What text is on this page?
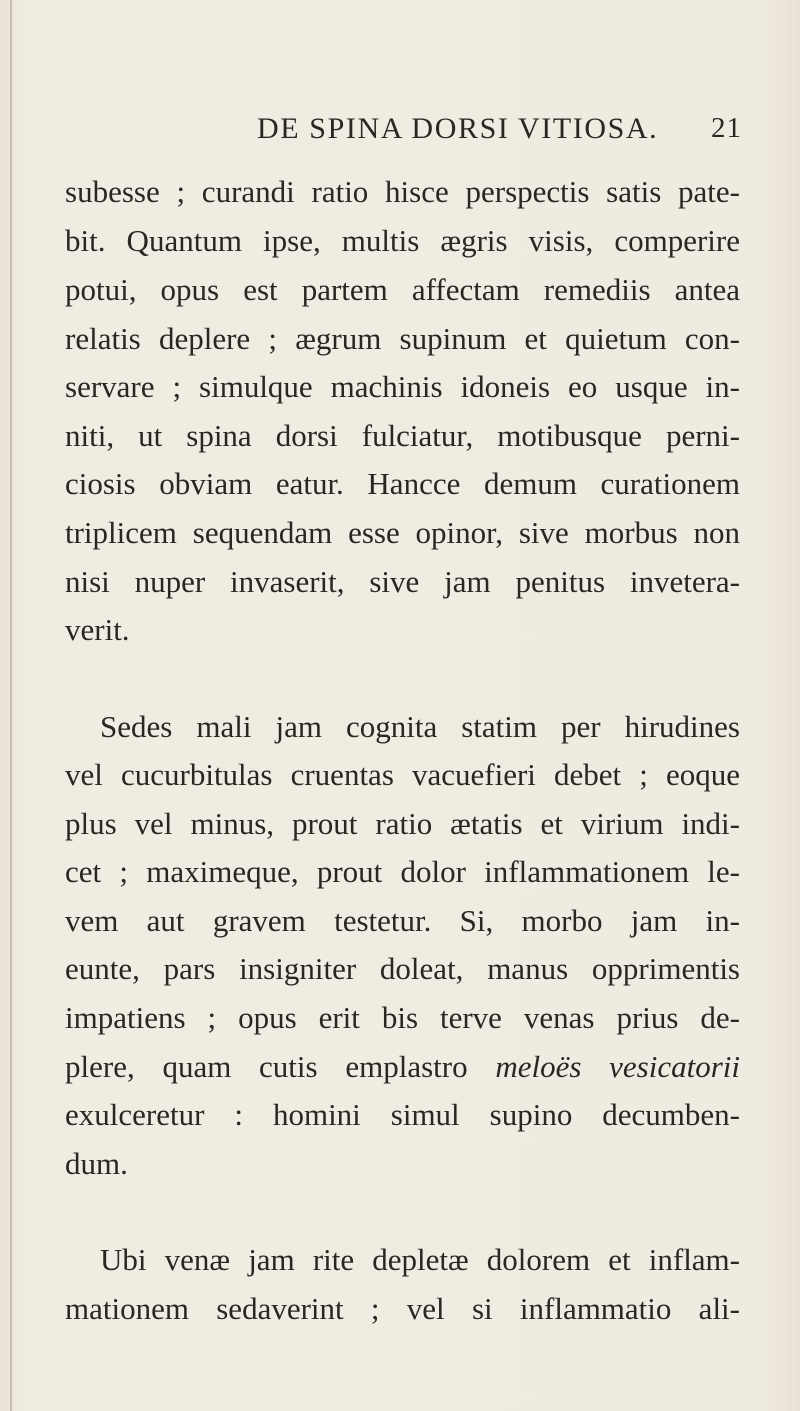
DE SPINA DORSI VITIOSA. 21
subesse ; curandi ratio hisce perspectis satis pate-
bit. Quantum ipse, multis ægris visis, comperire
potui, opus est partem affectam remediis antea
relatis deplere ; ægrum supinum et quietum con-
servare ; simulque machinis idoneis eo usque in-
niti, ut spina dorsi fulciatur, motibusque perni-
ciosis obviam eatur. Hancce demum curationem
triplicem sequendam esse opinor, sive morbus non
nisi nuper invaserit, sive jam penitus invetera-
verit.
Sedes mali jam cognita statim per hirudines
vel cucurbitulas cruentas vacuefieri debet ; eoque
plus vel minus, prout ratio ætatis et virium indi-
cet ; maximeque, prout dolor inflammationem le-
vem aut gravem testetur. Si, morbo jam in-
eunte, pars insigniter doleat, manus opprimentis
impatiens ; opus erit bis terve venas prius de-
plere, quam cutis emplastro meloës vesicatorii
exulceretur : homini simul supino decumben-
dum.
Ubi venæ jam rite depletæ dolorem et inflam-
mationem sedaverint ; vel si inflammatio ali-
